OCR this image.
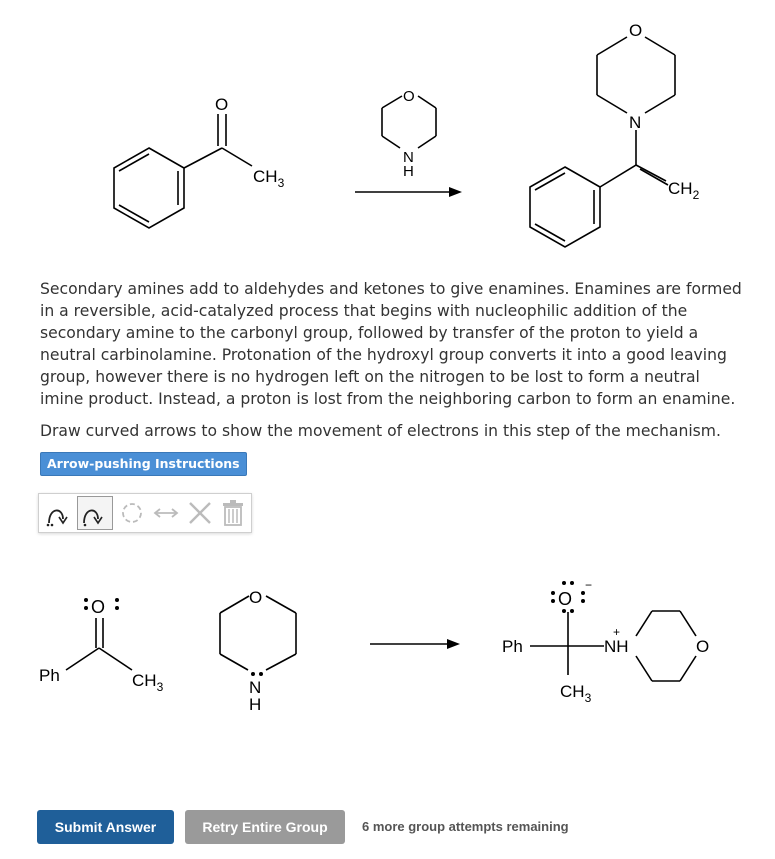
O
$CH_3$
O
N
H
O
N
$CH_2$

Secondary amines add to aldehydes and ketones to give enamines. Enamines are formed in a reversible, acid-catalyzed process that begins with nucleophilic addition of the secondary amine to the carbonyl group, followed by transfer of the proton to yield a neutral carbinolamine. Protonation of the hydroxyl group converts it into a good leaving group, however there is no hydrogen left on the nitrogen to be lost to form a neutral imine product. Instead, a proton is lost from the neighboring carbon to form an enamine.

Draw curved arrows to show the movement of electrons in this step of the mechanism.

Arrow-pushing Instructions
O
Ph	$CH_3$
O
N
H
O
−
Ph	NH
+
O
$CH_3$
Submit Answer	Retry Entire Group	6 more group attempts remaining
